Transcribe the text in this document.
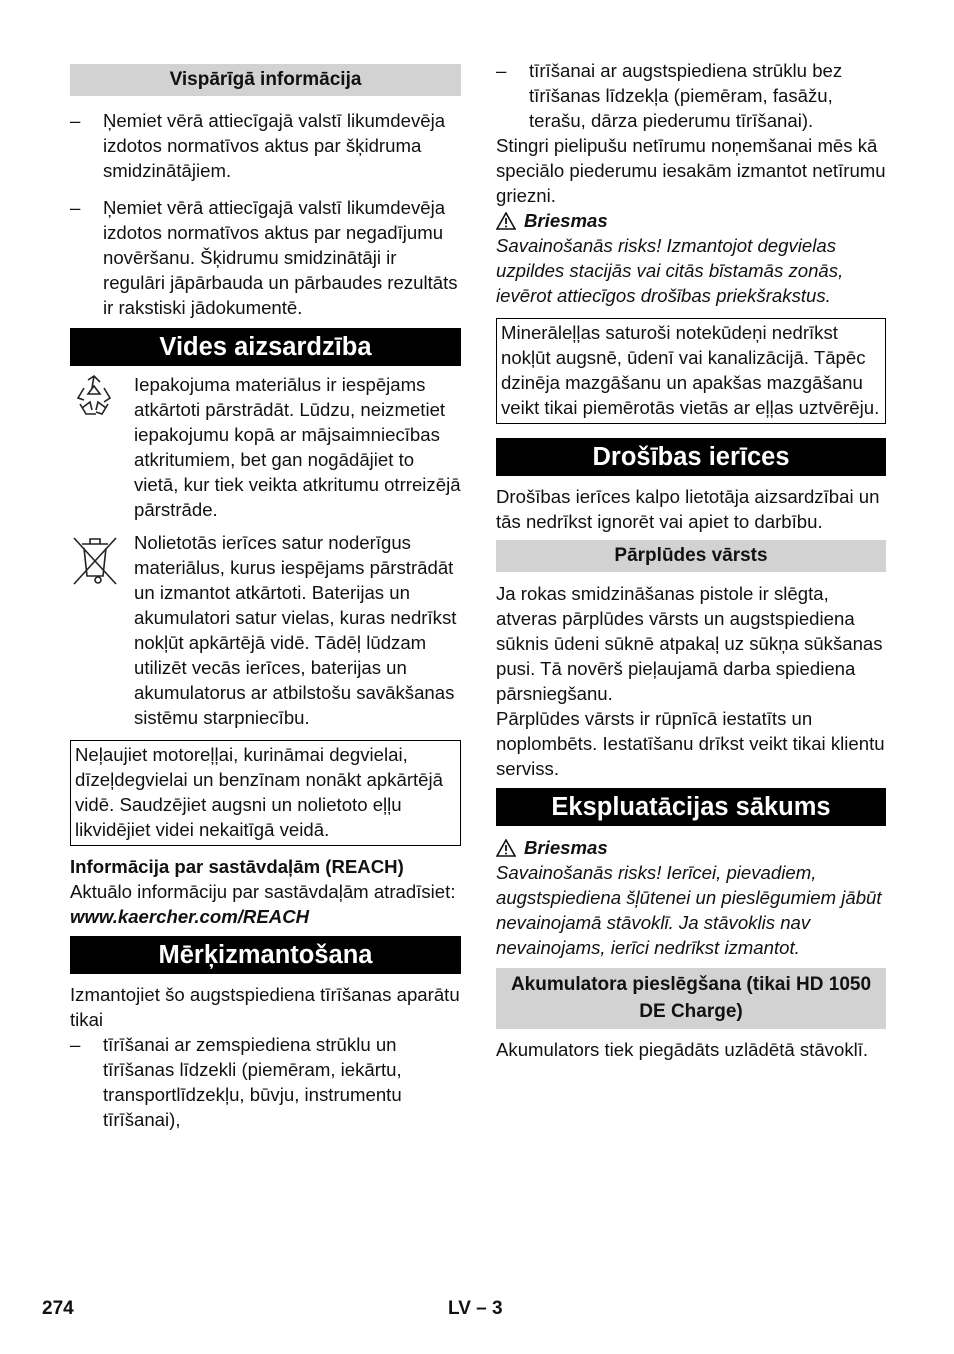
Vispārīgā informācija
–	Ņemiet vērā attiecīgajā valstī likumdevēja izdotos normatīvos aktus par šķidruma smidzinātājiem.
–	Ņemiet vērā attiecīgajā valstī likumdevēja izdotos normatīvos aktus par negadījumu novēršanu. Šķidrumu smidzinātāji ir regulāri jāpārbauda un pārbaudes rezultāts ir rakstiski jādokumentē.
Vides aizsardzība
Iepakojuma materiālus ir iespējams atkārtoti pārstrādāt. Lūdzu, neizmetiet iepakojumu kopā ar mājsaimniecības atkritumiem, bet gan nogādājiet to vietā, kur tiek veikta atkritumu otrreizējā pārstrāde.
Nolietotās ierīces satur noderīgus materiālus, kurus iespējams pārstrādāt un izmantot atkārtoti. Baterijas un akumulatori satur vielas, kuras nedrīkst nokļūt apkārtējā vidē. Tādēļ lūdzam utilizēt vecās ierīces, baterijas un akumulatorus ar atbilstošu savākšanas sistēmu starpniecību.
Neļaujiet motoreļļai, kurināmai degvielai, dīzeļdegvielai un benzīnam nonākt apkārtējā vidē. Saudzējiet augsni un nolietoto eļļu likvidējiet videi nekaitīgā veidā.
Informācija par sastāvdaļām (REACH)
Aktuālo informāciju par sastāvdaļām atradīsiet:
www.kaercher.com/REACH
Mērķizmantošana
Izmantojiet šo augstspiediena tīrīšanas aparātu tikai
–	tīrīšanai ar zemspiediena strūklu un tīrīšanas līdzekli (piemēram, iekārtu, transportlīdzekļu, būvju, instrumentu tīrīšanai),
–	tīrīšanai ar augstspiediena strūklu bez tīrīšanas līdzekļa (piemēram, fasāžu, terašu, dārza piederumu tīrīšanai).
Stingri pielipušu netīrumu noņemšanai mēs kā speciālo piederumu iesakām izmantot netīrumu griezni.
Briesmas
Savainošanās risks! Izmantojot degvielas uzpildes stacijās vai citās bīstamās zonās, ievērot attiecīgos drošības priekšrakstus.
Minerāleļļas saturoši notekūdeņi nedrīkst nokļūt augsnē, ūdenī vai kanalizācijā. Tāpēc dzinēja mazgāšanu un apakšas mazgāšanu veikt tikai piemērotās vietās ar eļļas uztvērēju.
Drošības ierīces
Drošības ierīces kalpo lietotāja aizsardzībai un tās nedrīkst ignorēt vai apiet to darbību.
Pārplūdes vārsts
Ja rokas smidzināšanas pistole ir slēgta, atveras pārplūdes vārsts un augstspiediena sūknis ūdeni sūknē atpakaļ uz sūkņa sūkšanas pusi. Tā novērš pieļaujamā darba spiediena pārsniegšanu.
Pārplūdes vārsts ir rūpnīcā iestatīts un noplombēts. Iestatīšanu drīkst veikt tikai klientu serviss.
Ekspluatācijas sākums
Briesmas
Savainošanās risks! Ierīcei, pievadiem, augstspiediena šļūtenei un pieslēgumiem jābūt nevainojamā stāvoklī. Ja stāvoklis nav nevainojams, ierīci nedrīkst izmantot.
Akumulatora pieslēgšana (tikai HD 1050 DE Charge)
Akumulators tiek piegādāts uzlādētā stāvoklī.
274	LV – 3
